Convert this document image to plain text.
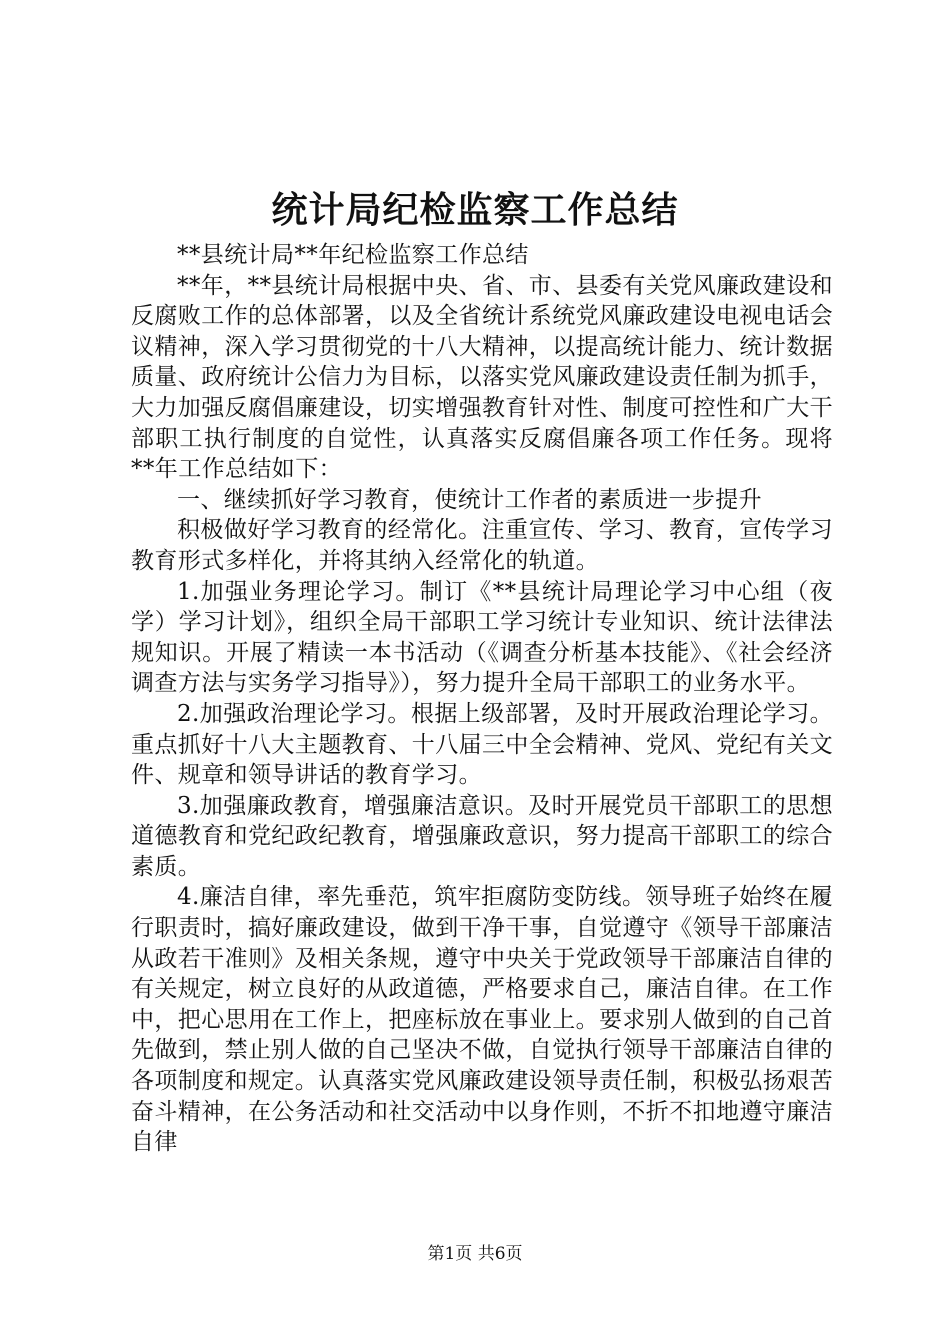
统计局纪检监察工作总结

**县统计局**年纪检监察工作总结

**年，**县统计局根据中央、省、市、县委有关党风廉政建设和反腐败工作的总体部署，以及全省统计系统党风廉政建设电视电话会议精神，深入学习贯彻党的十八大精神，以提高统计能力、统计数据质量、政府统计公信力为目标，以落实党风廉政建设责任制为抓手，大力加强反腐倡廉建设，切实增强教育针对性、制度可控性和广大干部职工执行制度的自觉性，认真落实反腐倡廉各项工作任务。现将**年工作总结如下：

一、继续抓好学习教育，使统计工作者的素质进一步提升

积极做好学习教育的经常化。注重宣传、学习、教育，宣传学习教育形式多样化，并将其纳入经常化的轨道。

1.加强业务理论学习。制订《**县统计局理论学习中心组（夜学）学习计划》，组织全局干部职工学习统计专业知识、统计法律法规知识。开展了精读一本书活动（《调查分析基本技能》、《社会经济调查方法与实务学习指导》），努力提升全局干部职工的业务水平。

2.加强政治理论学习。根据上级部署，及时开展政治理论学习。重点抓好十八大主题教育、十八届三中全会精神、党风、党纪有关文件、规章和领导讲话的教育学习。

3.加强廉政教育，增强廉洁意识。及时开展党员干部职工的思想道德教育和党纪政纪教育，增强廉政意识，努力提高干部职工的综合素质。

4.廉洁自律，率先垂范，筑牢拒腐防变防线。领导班子始终在履行职责时，搞好廉政建设，做到干净干事，自觉遵守《领导干部廉洁从政若干准则》及相关条规，遵守中央关于党政领导干部廉洁自律的有关规定，树立良好的从政道德，严格要求自己，廉洁自律。在工作中，把心思用在工作上，把座标放在事业上。要求别人做到的自己首先做到，禁止别人做的自己坚决不做，自觉执行领导干部廉洁自律的各项制度和规定。认真落实党风廉政建设领导责任制，积极弘扬艰苦奋斗精神，在公务活动和社交活动中以身作则，不折不扣地遵守廉洁自律

第1页 共6页
